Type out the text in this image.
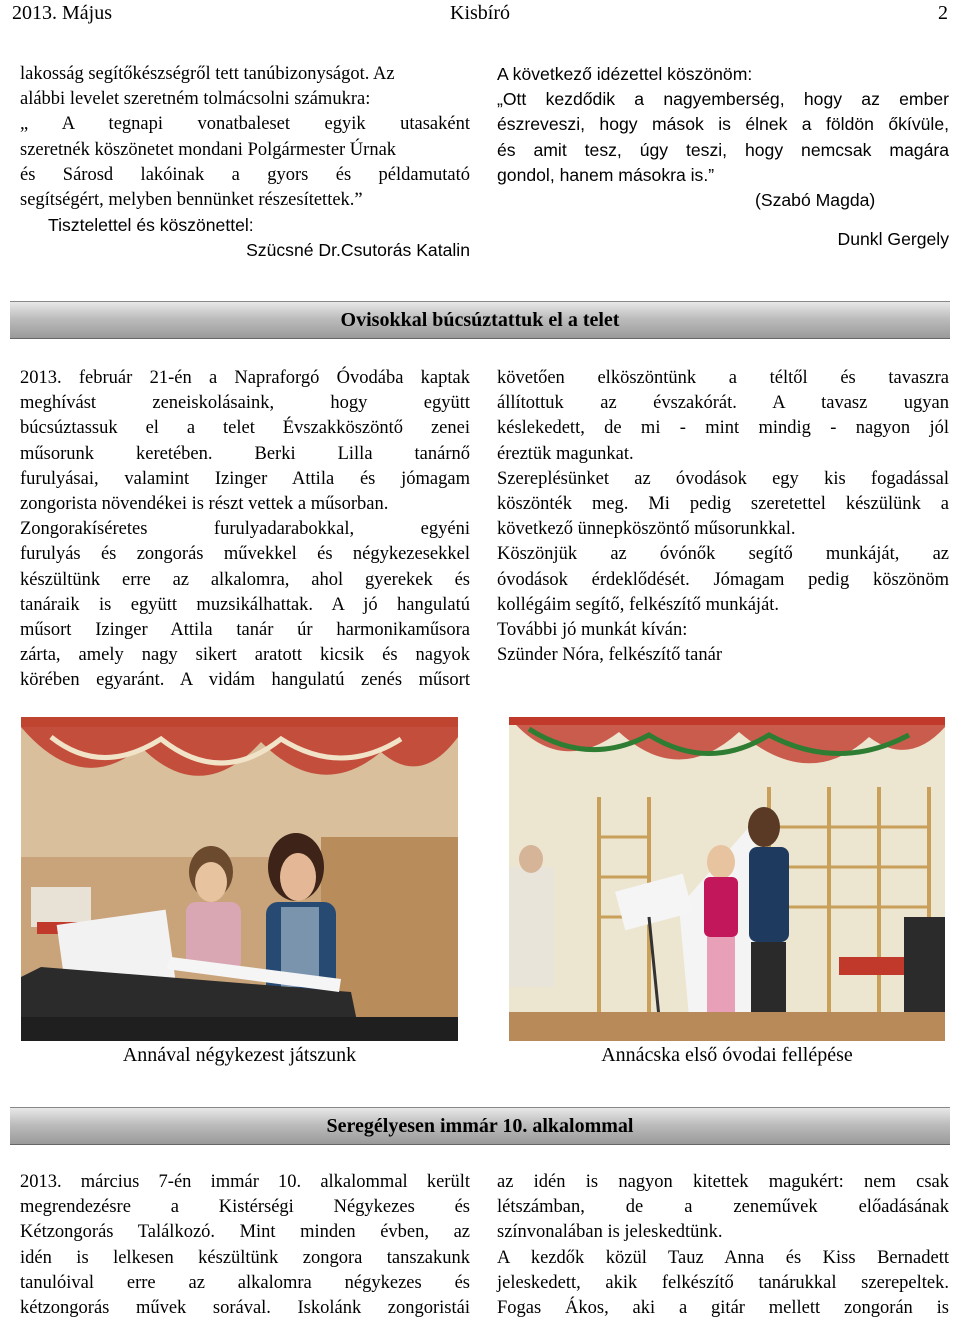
2013. Május	Kisbíró	2

lakosság segítőkészségről tett tanúbizonyságot. Az

alábbi levelet szeretném tolmácsolni számukra:

„ A tegnapi vonatbaleset egyik utasaként

szeretnék köszönetet mondani Polgármester Úrnak

és Sárosd lakóinak a gyors és példamutató

segítségért, melyben bennünket részesítettek.”

Tisztelettel és köszönettel:

Szücsné Dr.Csutorás Katalin

A következő idézettel köszönöm:

„Ott kezdődik a nagyemberség, hogy az ember

észreveszi, hogy mások is élnek a földön őkívüle,

és amit tesz, úgy teszi, hogy nemcsak magára

gondol, hanem másokra is.”

(Szabó Magda)

Dunkl Gergely

Ovisokkal búcsúztattuk el a telet

2013. február 21-én a Napraforgó Óvodába kaptak

meghívást zeneiskolásaink, hogy együtt

búcsúztassuk el a telet Évszakköszöntő zenei

műsorunk keretében. Berki Lilla tanárnő

furulyásai, valamint Izinger Attila és jómagam

zongorista növendékei is részt vettek a műsorban.

Zongorakíséretes furulyadarabokkal, egyéni

furulyás és zongorás művekkel és négykezesekkel

készültünk erre az alkalomra, ahol gyerekek és

tanáraik is együtt muzsikálhattak. A jó hangulatú

műsort Izinger Attila tanár úr harmonikaműsora

zárta, amely nagy sikert aratott kicsik és nagyok

körében egyaránt. A vidám hangulatú zenés műsort

követően elköszöntünk a téltől és tavaszra

állítottuk az évszakórát. A tavasz ugyan

késlekedett, de mi - mint mindig - nagyon jól

éreztük magunkat.

Szereplésünket az óvodások egy kis fogadással

köszönték meg. Mi pedig szeretettel készülünk a

következő ünnepköszöntő műsorunkkal.

Köszönjük az óvónők segítő munkáját, az

óvodások érdeklődését. Jómagam pedig köszönöm

kollégáim segítő, felkészítő munkáját.

További jó munkát kíván:

Szünder Nóra, felkészítő tanár

Annával négykezest játszunk	Annácska első óvodai fellépése
Seregélyesen immár 10. alkalommal

2013. március 7-én immár 10. alkalommal került

megrendezésre a Kistérségi Négykezes és

Kétzongorás Találkozó. Mint minden évben, az

idén is lelkesen készültünk zongora tanszakunk

tanulóival erre az alkalomra négykezes és

kétzongorás művek sorával. Iskolánk zongoristái

az idén is nagyon kitettek magukért: nem csak

létszámban, de a zeneművek előadásának

színvonalában is jeleskedtünk.

A kezdők közül Tauz Anna és Kiss Bernadett

jeleskedett, akik felkészítő tanárukkal szerepeltek.

Fogas Ákos, aki a gitár mellett zongorán is
